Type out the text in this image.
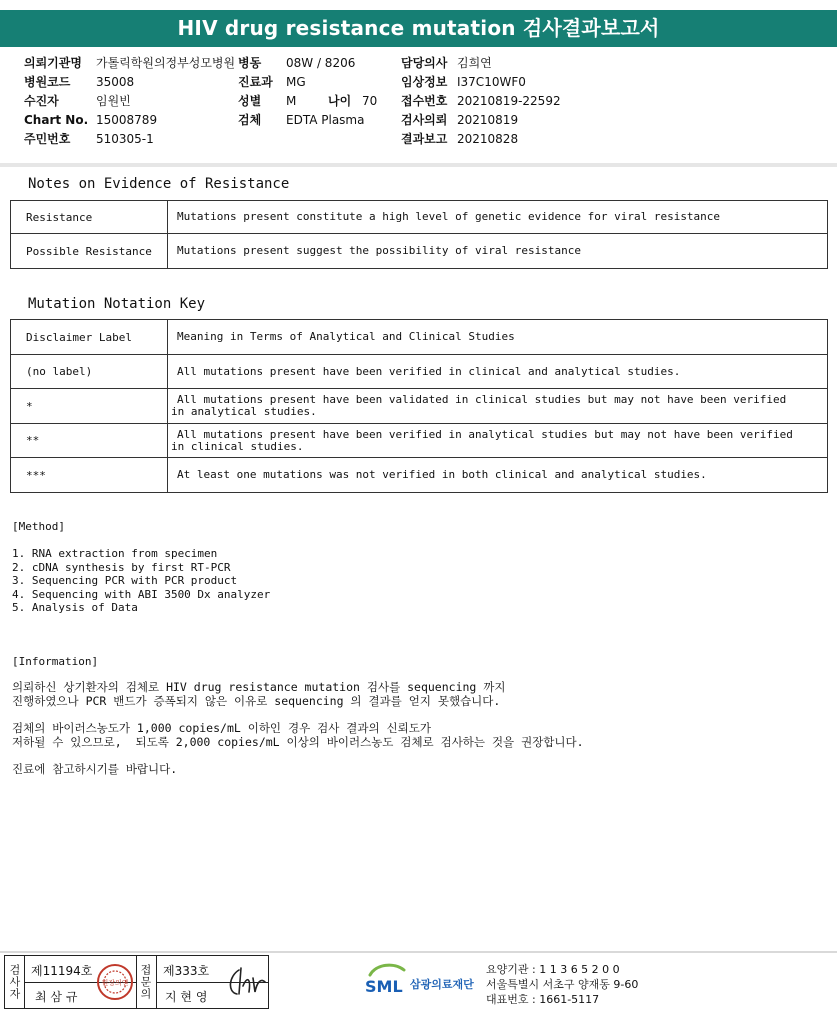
HIV drug resistance mutation 검사결과보고서
의뢰기관명 가톨릭학원의정부성모병원
병원코드 35008
수진자	임원빈
Chart No. 15008789
주민번호 510305-1
병동 08W / 8206
진료과 MG
성별 M	나이 70
검체 EDTA Plasma
담당의사 김희연
임상정보 I37C10WF0
접수번호 20210819-22592
검사의뢰 20210819
결과보고 20210828
Notes on Evidence of Resistance
Resistance	Mutations present constitute a high level of genetic evidence for viral resistance
Possible Resistance	Mutations present suggest the possibility of viral resistance
Mutation Notation Key
Disclaimer Label	Meaning in Terms of Analytical and Clinical Studies
(no label)	All mutations present have been verified in clinical and analytical studies.

*	All mutations present have been validated in clinical studies but may not have been verified
in analytical studies.

**	All mutations present have been verified in analytical studies but may not have been verified
in clinical studies.

***	At least one mutations was not verified in both clinical and analytical studies.
[Method]
1. RNA extraction from specimen
2. cDNA synthesis by first RT-PCR
3. Sequencing PCR with PCR product
4. Sequencing with ABI 3500 Dx analyzer
5. Analysis of Data
[Information]
의뢰하신 상기환자의 검체로 HIV drug resistance mutation 검사를 sequencing 까지
진행하였으나 PCR 밴드가 증폭되지 않은 이유로 sequencing 의 결과를 얻지 못했습니다.
검체의 바이러스농도가 1,000 copies/mL 이하인 경우 검사 결과의 신뢰도가
저하될 수 있으므로,  되도록 2,000 copies/mL 이상의 바이러스농도 검체로 검사하는 것을 권장합니다.
진료에 참고하시기를 바랍니다.
검사자 제11194호
최 삼 규
원장의인 접문의 제333호
지 현 영
SML 삼광의료재단
요양기관 : 1 1 3 6 5 2 0 0
서울특별시 서초구 양재동 9-60
대표번호 : 1661-5117
